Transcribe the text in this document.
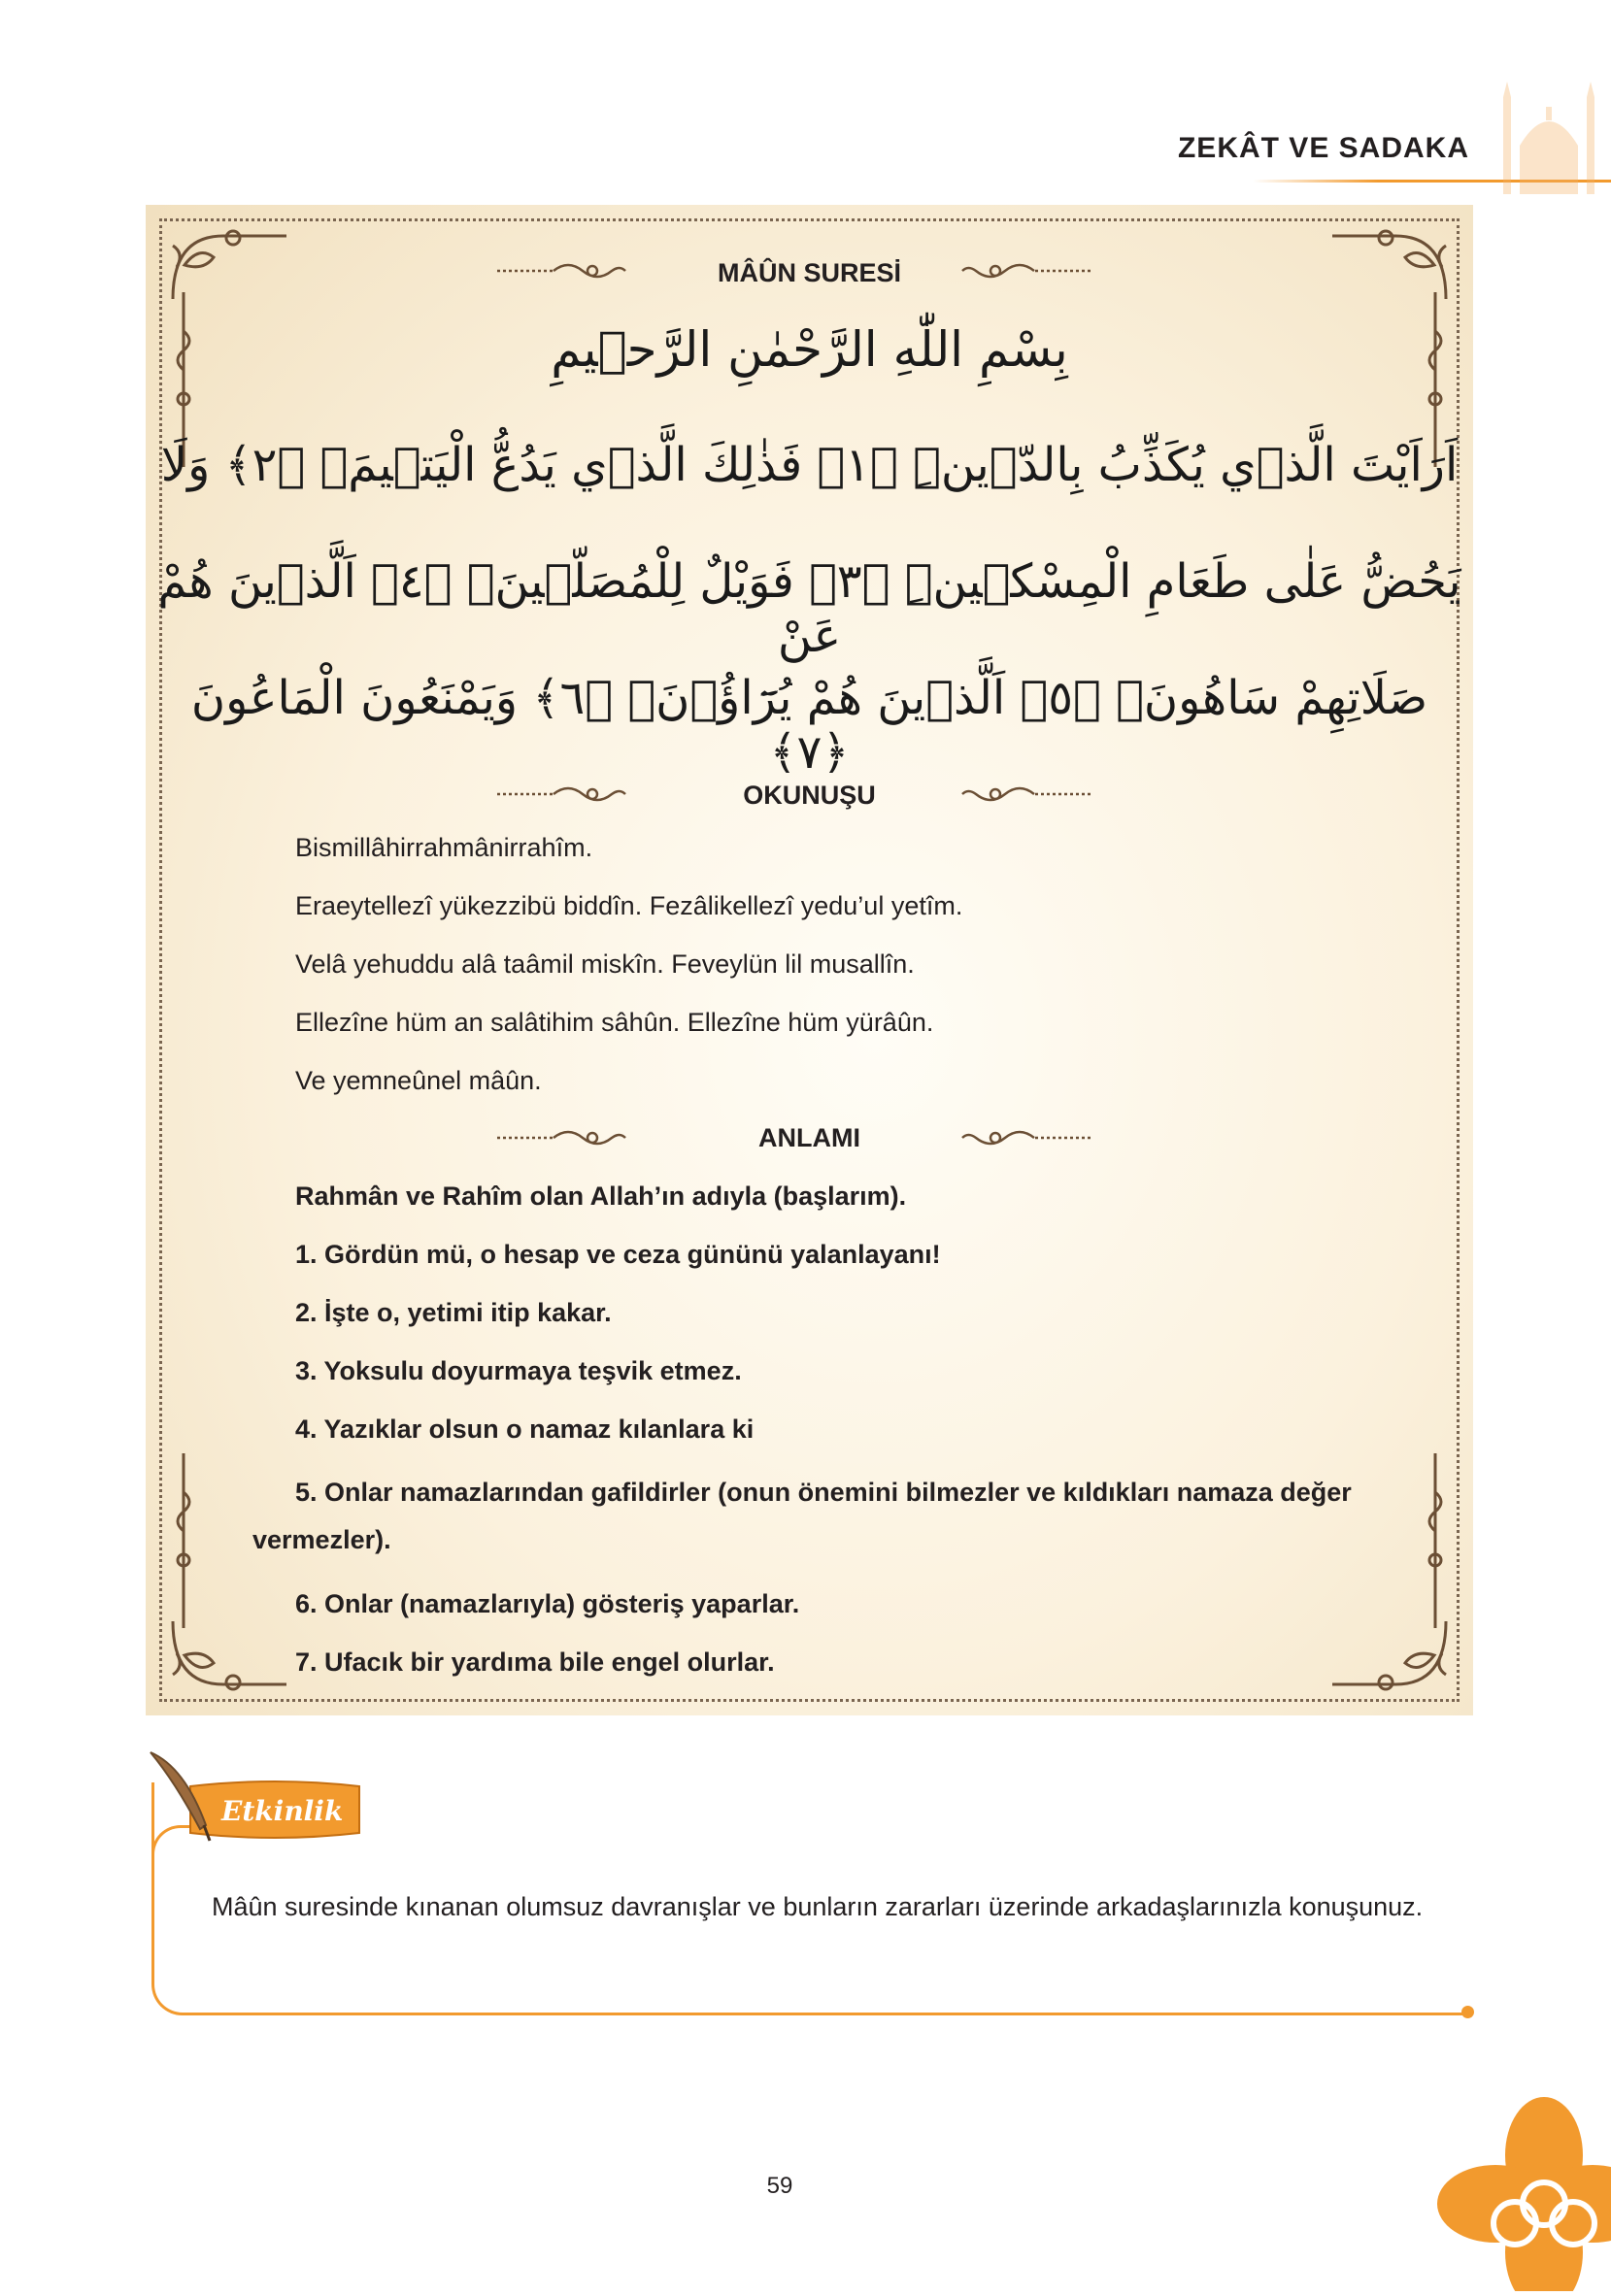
ZEKÂT VE SADAKA
MÂÛN SURESİ
بِسْمِ اللّٰهِ الرَّحْمٰنِ الرَّح۪يمِ
اَرَاَيْتَ الَّذ۪ي يُكَذِّبُ بِالدّ۪ينِۜ ﴿١﴾ فَذٰلِكَ الَّذ۪ي يَدُعُّ الْيَت۪يمَۙ ﴿٢﴾ وَلَا
يَحُضُّ عَلٰى طَعَامِ الْمِسْك۪ينِۜ ﴿٣﴾ فَوَيْلٌ لِلْمُصَلّ۪ينَۙ ﴿٤﴾ اَلَّذ۪ينَ هُمْ عَنْ
صَلَاتِهِمْ سَاهُونَۙ ﴿٥﴾ اَلَّذ۪ينَ هُمْ يُرَٓاؤُ۫نَۙ ﴿٦﴾ وَيَمْنَعُونَ الْمَاعُونَ ﴿٧﴾
OKUNUŞU
Bismillâhirrahmânirrahîm.
Eraeytellezî yükezzibü biddîn. Fezâlikellezî yedu’ul yetîm.
Velâ yehuddu alâ taâmil miskîn. Feveylün lil musallîn.
Ellezîne hüm an salâtihim sâhûn. Ellezîne hüm yürâûn.
Ve yemneûnel mâûn.
ANLAMI
Rahmân ve Rahîm olan Allah’ın adıyla (başlarım).
1. Gördün mü, o hesap ve ceza gününü yalanlayanı!
2. İşte o, yetimi itip kakar.
3. Yoksulu doyurmaya teşvik etmez.
4. Yazıklar olsun o namaz kılanlara ki
5. Onlar namazlarından gafildirler (onun önemini bilmezler ve kıldıkları namaza değer vermezler).
6. Onlar (namazlarıyla) gösteriş yaparlar.
7. Ufacık bir yardıma bile engel olurlar.
Etkinlik
Mâûn suresinde kınanan olumsuz davranışlar ve bunların zararları üzerinde arkadaşlarınızla konuşunuz.
59
